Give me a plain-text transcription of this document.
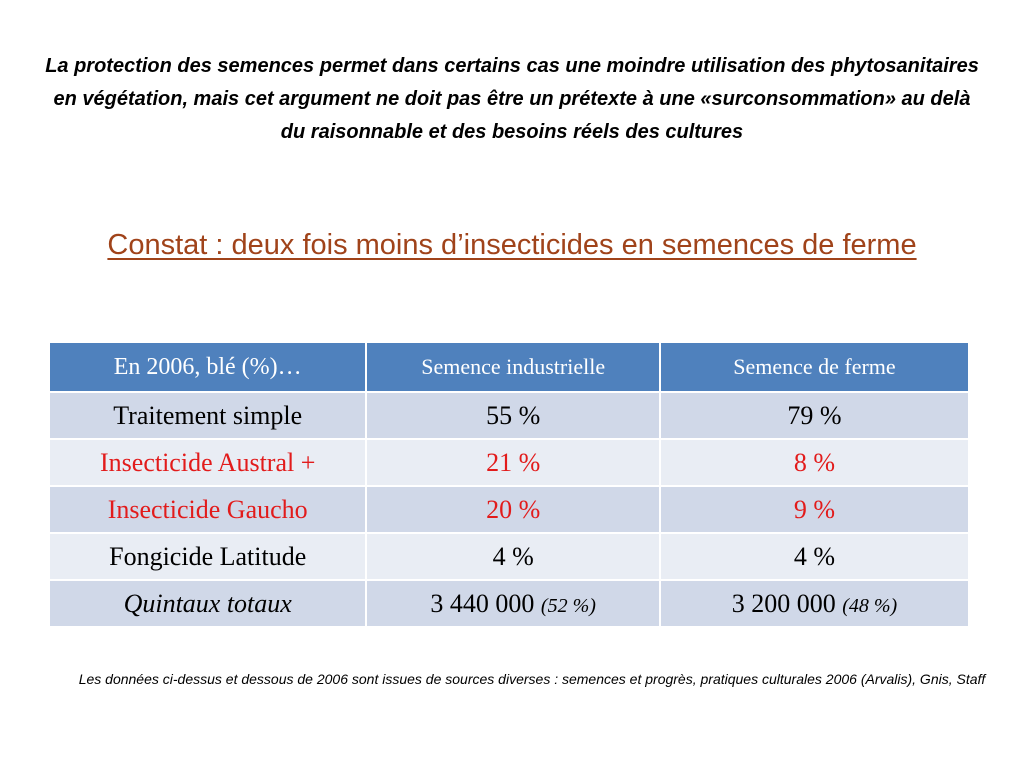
La protection des semences permet dans certains cas une moindre utilisation des phytosanitaires en végétation, mais cet argument ne doit pas être un prétexte à une «surconsommation» au delà du raisonnable et des besoins réels des cultures
Constat : deux fois moins d’insecticides en semences de ferme
En 2006, blé (%)…	Semence industrielle	Semence de ferme
Traitement simple	55 %	79 %
Insecticide Austral +	21 %	8 %
Insecticide Gaucho	20 %	9 %
Fongicide Latitude	4 %	4 %
Quintaux totaux	3 440 000 (52 %)	3 200 000 (48 %)
Les données ci-dessus et dessous de 2006 sont issues de sources diverses : semences et progrès, pratiques culturales 2006 (Arvalis), Gnis, Staff
